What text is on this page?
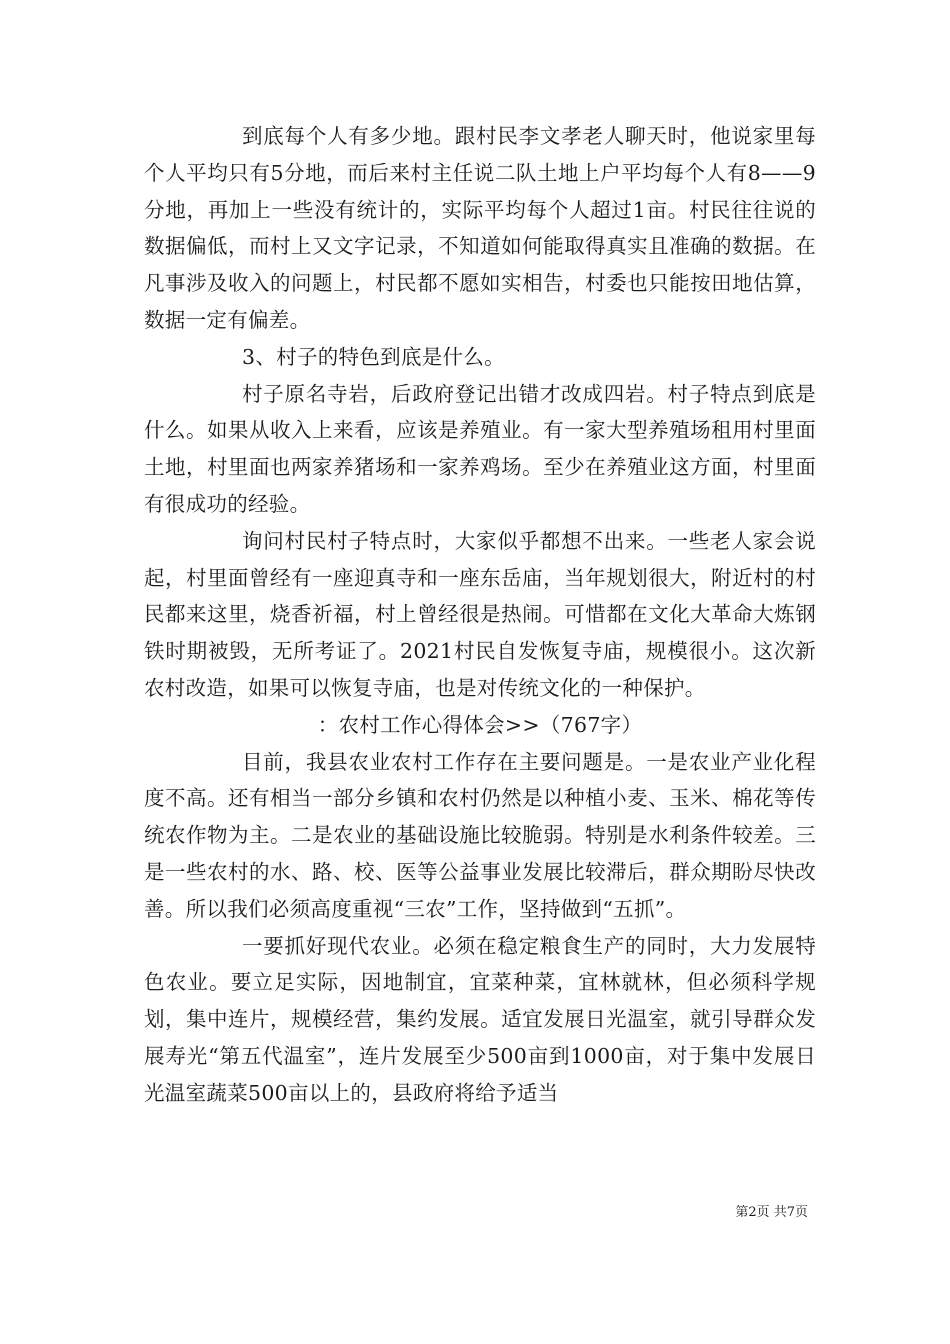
到底每个人有多少地。跟村民李文孝老人聊天时，他说家里每个人平均只有5分地，而后来村主任说二队土地上户平均每个人有8——9分地，再加上一些没有统计的，实际平均每个人超过1亩。村民往往说的数据偏低，而村上又文字记录，不知道如何能取得真实且准确的数据。在凡事涉及收入的问题上，村民都不愿如实相告，村委也只能按田地估算，数据一定有偏差。

3、村子的特色到底是什么。

村子原名寺岩，后政府登记出错才改成四岩。村子特点到底是什么。如果从收入上来看，应该是养殖业。有一家大型养殖场租用村里面土地，村里面也两家养猪场和一家养鸡场。至少在养殖业这方面，村里面有很成功的经验。

询问村民村子特点时，大家似乎都想不出来。一些老人家会说起，村里面曾经有一座迎真寺和一座东岳庙，当年规划很大，附近村的村民都来这里，烧香祈福，村上曾经很是热闹。可惜都在文化大革命大炼钢铁时期被毁，无所考证了。2021村民自发恢复寺庙，规模很小。这次新农村改造，如果可以恢复寺庙，也是对传统文化的一种保护。

：农村工作心得体会>>（767字）

目前，我县农业农村工作存在主要问题是。一是农业产业化程度不高。还有相当一部分乡镇和农村仍然是以种植小麦、玉米、棉花等传统农作物为主。二是农业的基础设施比较脆弱。特别是水利条件较差。三是一些农村的水、路、校、医等公益事业发展比较滞后，群众期盼尽快改善。所以我们必须高度重视“三农”工作，坚持做到“五抓”。

一要抓好现代农业。必须在稳定粮食生产的同时，大力发展特色农业。要立足实际，因地制宜，宜菜种菜，宜林就林，但必须科学规划，集中连片，规模经营，集约发展。适宜发展日光温室，就引导群众发展寿光“第五代温室”，连片发展至少500亩到1000亩，对于集中发展日光温室蔬菜500亩以上的，县政府将给予适当

第2页 共7页
